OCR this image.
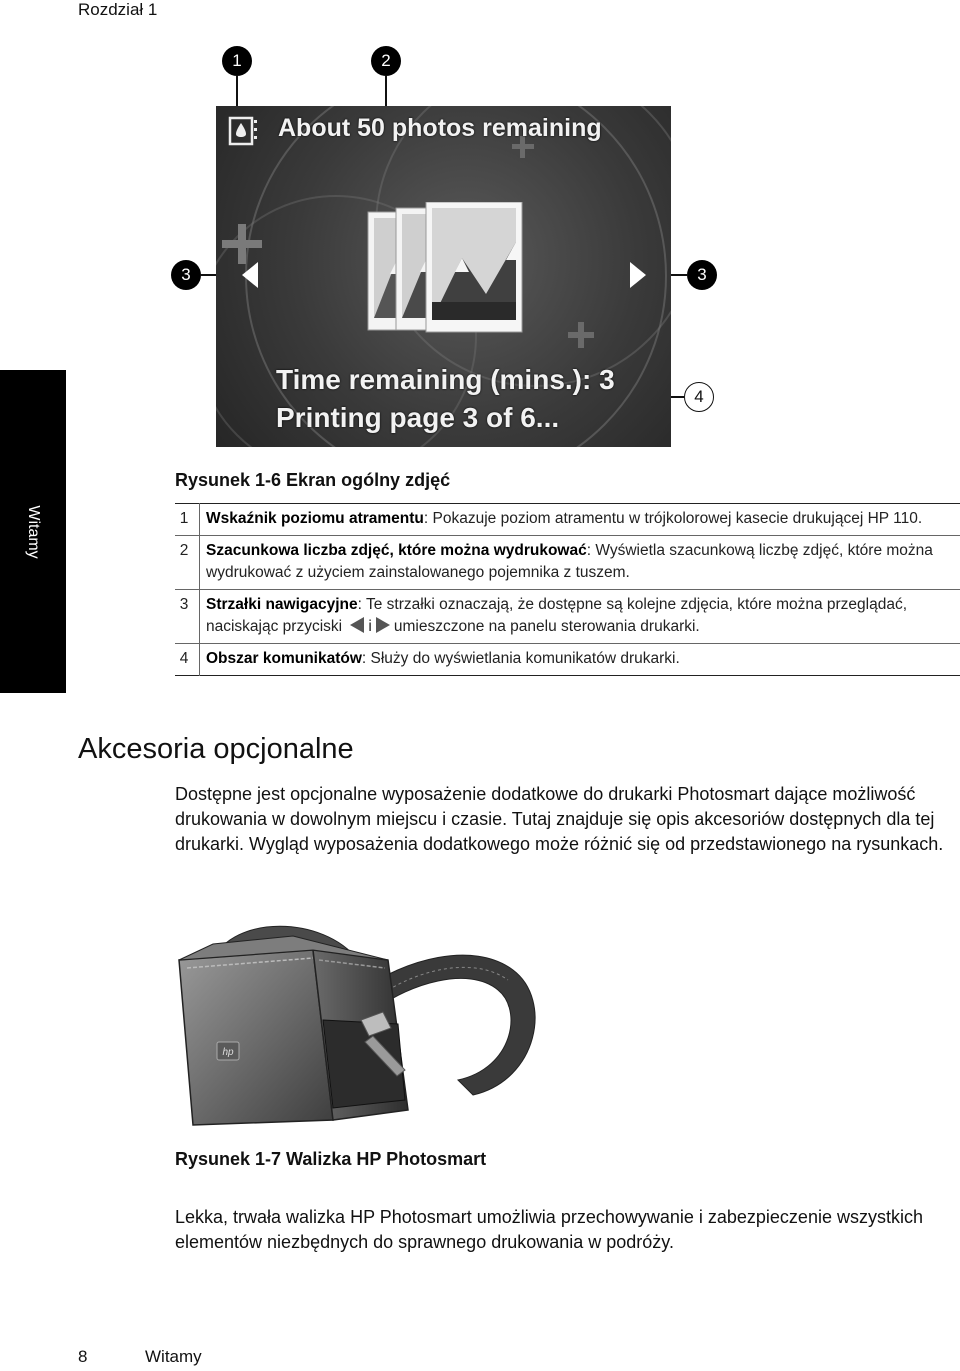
Rozdział 1
Witamy
1	2
3	3
4
About 50 photos remaining
Time remaining (mins.): 3
Printing page 3 of 6...
Rysunek 1-6 Ekran ogólny zdjęć
1	Wskaźnik poziomu atramentu: Pokazuje poziom atramentu w trójkolorowej kasecie drukującej HP 110.
2	Szacunkowa liczba zdjęć, które można wydrukować: Wyświetla szacunkową liczbę zdjęć, które można wydrukować z użyciem zainstalowanego pojemnika z tuszem.
3	Strzałki nawigacyjne: Te strzałki oznaczają, że dostępne są kolejne zdjęcia, które można przeglądać, naciskając przyciski i umieszczone na panelu sterowania drukarki.
4	Obszar komunikatów: Służy do wyświetlania komunikatów drukarki.
Akcesoria opcjonalne
Dostępne jest opcjonalne wyposażenie dodatkowe do drukarki Photosmart dające możliwość drukowania w dowolnym miejscu i czasie. Tutaj znajduje się opis akcesoriów dostępnych dla tej drukarki. Wygląd wyposażenia dodatkowego może różnić się od przedstawionego na rysunkach.
hp
Rysunek 1-7 Walizka HP Photosmart
Lekka, trwała walizka HP Photosmart umożliwia przechowywanie i zabezpieczenie wszystkich elementów niezbędnych do sprawnego drukowania w podróży.
8	Witamy
